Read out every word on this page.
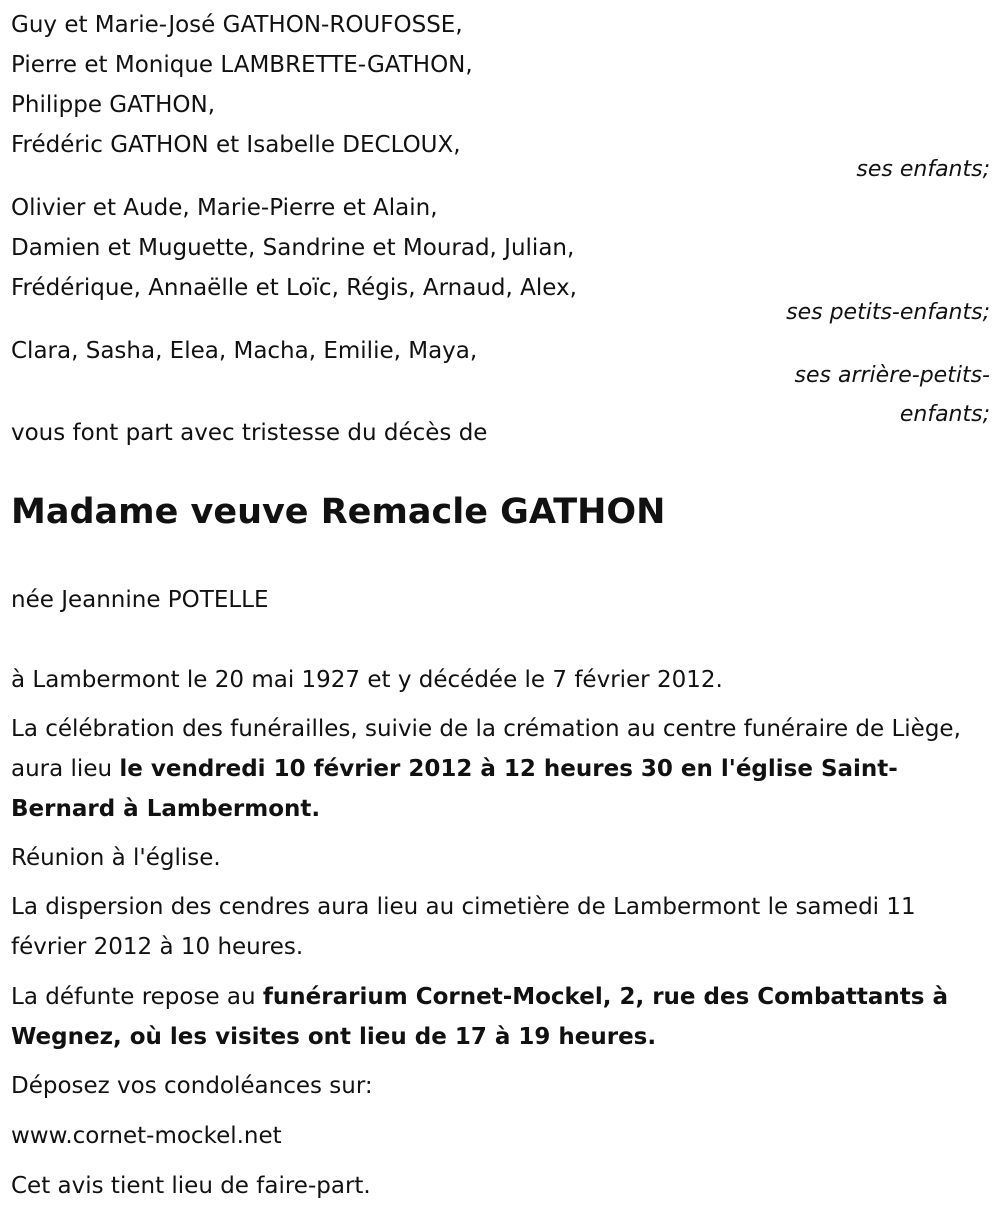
Guy et Marie-José GATHON-ROUFOSSE,
Pierre et Monique LAMBRETTE-GATHON,
Philippe GATHON,
Frédéric GATHON et Isabelle DECLOUX,
ses enfants;
Olivier et Aude, Marie-Pierre et Alain,
Damien et Muguette, Sandrine et Mourad, Julian,
Frédérique, Annaëlle et Loïc, Régis, Arnaud, Alex,
ses petits-enfants;
Clara, Sasha, Elea, Macha, Emilie, Maya,
ses arrière-petits-
enfants;
vous font part avec tristesse du décès de
Madame veuve Remacle GATHON
née Jeannine POTELLE
à Lambermont le 20 mai 1927 et y décédée le 7 février 2012.
La célébration des funérailles, suivie de la crémation au centre funéraire de Liège, aura lieu le vendredi 10 février 2012 à 12 heures 30 en l'église Saint-Bernard à Lambermont.
Réunion à l'église.
La dispersion des cendres aura lieu au cimetière de Lambermont le samedi 11 février 2012 à 10 heures.
La défunte repose au funérarium Cornet-Mockel, 2, rue des Combattants à Wegnez, où les visites ont lieu de 17 à 19 heures.
Déposez vos condoléances sur:
www.cornet-mockel.net
Cet avis tient lieu de faire-part.
